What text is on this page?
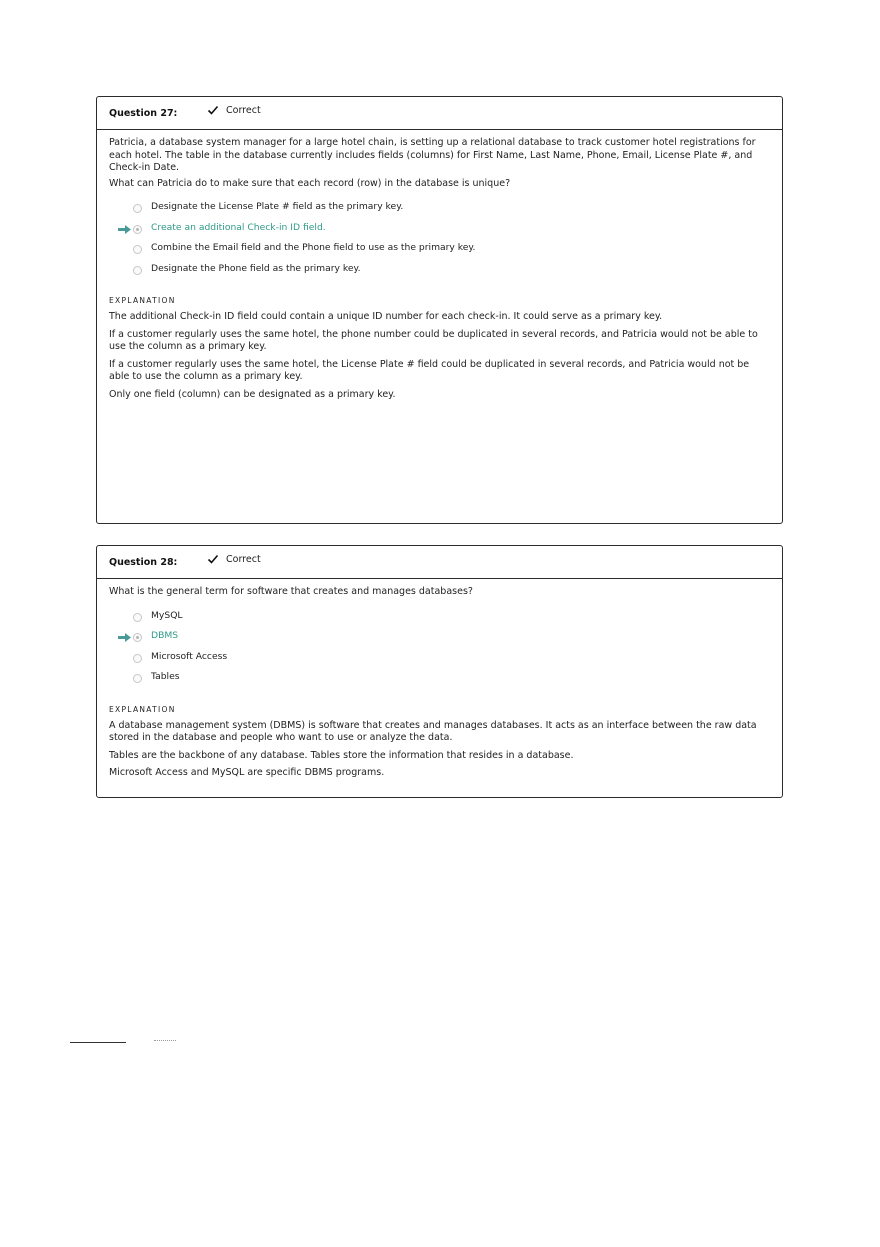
Question 27:	Correct

Patricia, a database system manager for a large hotel chain, is setting up a relational database to track customer hotel registrations for each hotel. The table in the database currently includes fields (columns) for First Name, Last Name, Phone, Email, License Plate #, and Check-in Date.

What can Patricia do to make sure that each record (row) in the database is unique?

Designate the License Plate # field as the primary key.
Create an additional Check-in ID field.
Combine the Email field and the Phone field to use as the primary key.
Designate the Phone field as the primary key.
EXPLANATION

The additional Check-in ID field could contain a unique ID number for each check-in. It could serve as a primary key.

If a customer regularly uses the same hotel, the phone number could be duplicated in several records, and Patricia would not be able to use the column as a primary key.

If a customer regularly uses the same hotel, the License Plate # field could be duplicated in several records, and Patricia would not be able to use the column as a primary key.

Only one field (column) can be designated as a primary key.

Question 28:	Correct

What is the general term for software that creates and manages databases?

MySQL
DBMS
Microsoft Access
Tables
EXPLANATION

A database management system (DBMS) is software that creates and manages databases. It acts as an interface between the raw data stored in the database and people who want to use or analyze the data.

Tables are the backbone of any database. Tables store the information that resides in a database.

Microsoft Access and MySQL are specific DBMS programs.
